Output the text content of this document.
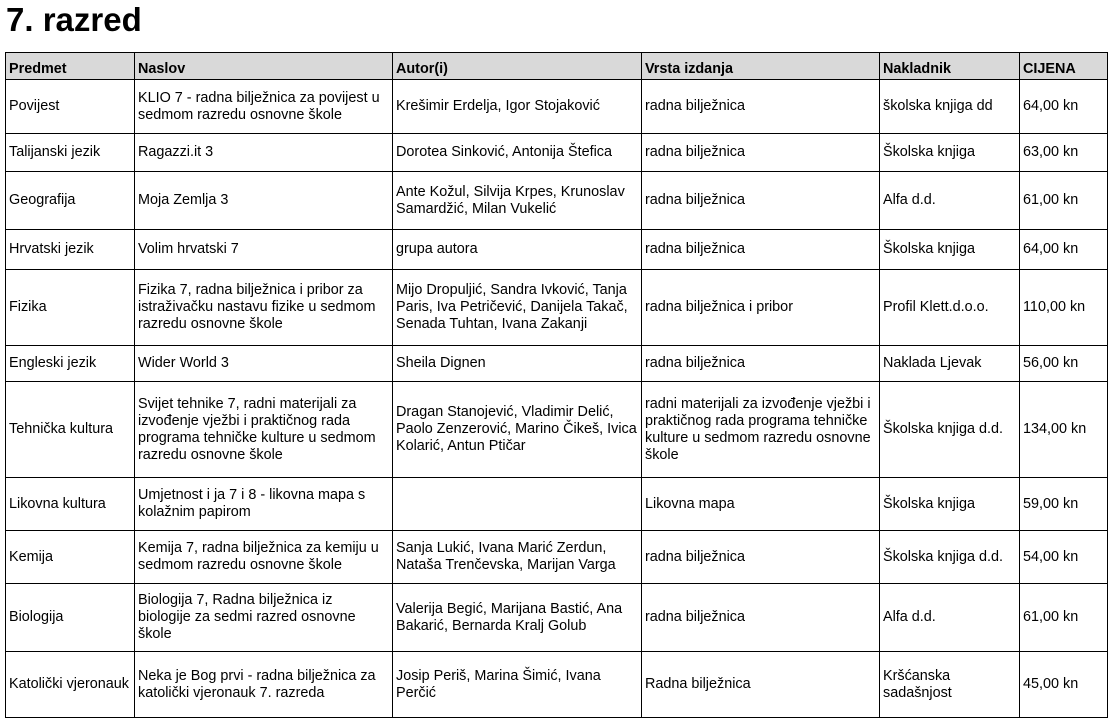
7. razred
Predmet	Naslov	Autor(i)	Vrsta izdanja	Nakladnik	CIJENA
Povijest	KLIO 7 - radna bilježnica za povijest u sedmom razredu osnovne škole	Krešimir Erdelja, Igor Stojaković	radna bilježnica	školska knjiga dd	64,00 kn
Talijanski jezik	Ragazzi.it 3	Dorotea Sinković, Antonija Štefica	radna bilježnica	Školska knjiga	63,00 kn
Geografija	Moja Zemlja 3	Ante Kožul, Silvija Krpes, Krunoslav Samardžić, Milan Vukelić	radna bilježnica	Alfa d.d.	61,00 kn
Hrvatski jezik	Volim hrvatski 7	grupa autora	radna bilježnica	Školska knjiga	64,00 kn
Fizika	Fizika 7, radna bilježnica i pribor za istraživačku nastavu fizike u sedmom razredu osnovne škole	Mijo Dropuljić, Sandra Ivković, Tanja Paris, Iva Petričević, Danijela Takač, Senada Tuhtan, Ivana Zakanji	radna bilježnica i pribor	Profil Klett.d.o.o.	110,00 kn
Engleski jezik	Wider World 3	Sheila Dignen	radna bilježnica	Naklada Ljevak	56,00 kn
Tehnička kultura	Svijet tehnike 7, radni materijali za izvođenje vježbi i praktičnog rada programa tehničke kulture u sedmom razredu osnovne škole	Dragan Stanojević, Vladimir Delić, Paolo Zenzerović, Marino Čikeš, Ivica Kolarić, Antun Ptičar	radni materijali za izvođenje vježbi i praktičnog rada programa tehničke kulture u sedmom razredu osnovne škole	Školska knjiga d.d.	134,00 kn
Likovna kultura	Umjetnost i ja 7 i 8 - likovna mapa s kolažnim papirom		Likovna mapa	Školska knjiga	59,00 kn
Kemija	Kemija 7, radna bilježnica za kemiju u sedmom razredu osnovne škole	Sanja Lukić, Ivana Marić Zerdun, Nataša Trenčevska, Marijan Varga	radna bilježnica	Školska knjiga d.d.	54,00 kn
Biologija	Biologija 7, Radna bilježnica iz biologije za sedmi razred osnovne škole	Valerija Begić, Marijana Bastić, Ana Bakarić, Bernarda Kralj Golub	radna bilježnica	Alfa d.d.	61,00 kn
Katolički vjeronauk	Neka je Bog prvi - radna bilježnica za katolički vjeronauk 7. razreda	Josip Periš, Marina Šimić, Ivana Perčić	Radna bilježnica	Kršćanska sadašnjost	45,00 kn
